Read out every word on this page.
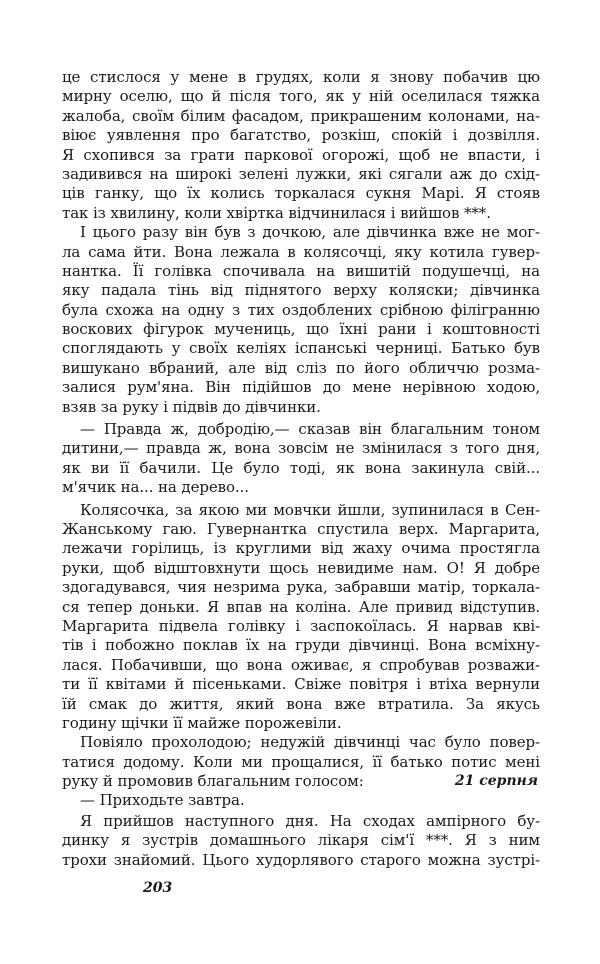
це стислося у мене в грудях, коли я знову побачив цю
мирну оселю, що й після того, як у ній оселилася тяжка
жалоба, своїм білим фасадом, прикрашеним колонами, на-
віює уявлення про багатство, розкіш, спокій і дозвілля.
Я схопився за грати паркової огорожі, щоб не впасти, і
задивився на широкі зелені лужки, які сягали аж до схід-
ців ганку, що їх колись торкалася сукня Марі. Я стояв
так із хвилину, коли хвіртка відчинилася і вийшов ***.
І цього разу він був з дочкою, але дівчинка вже не мог-
ла сама йти. Вона лежала в колясочці, яку котила гувер-
нантка. Її голівка спочивала на вишитій подушечці, на
яку падала тінь від піднятого верху коляски; дівчинка
була схожа на одну з тих оздоблених срібною філігранню
воскових фігурок мучениць, що їхні рани і коштовності
споглядають у своїх келіях іспанські черниці. Батько був
вишукано вбраний, але від сліз по його обличчю розма-
залися рум'яна. Він підійшов до мене нерівною ходою,
взяв за руку і підвів до дівчинки.
— Правда ж, добродію,— сказав він благальним тоном
дитини,— правда ж, вона зовсім не змінилася з того дня,
як ви її бачили. Це було тоді, як вона закинула свій...
м'ячик на... на дерево...
Колясочка, за якою ми мовчки йшли, зупинилася в Сен-
Жанському гаю. Гувернантка спустила верх. Маргарита,
лежачи горілиць, із круглими від жаху очима простягла
руки, щоб відштовхнути щось невидиме нам. О! Я добре
здогадувався, чия незрима рука, забравши матір, торкала-
ся тепер доньки. Я впав на коліна. Але привид відступив.
Маргарита підвела голівку і заспокоїлась. Я нарвав кві-
тів і побожно поклав їх на груди дівчинці. Вона всміхну-
лася. Побачивши, що вона оживає, я спробував розважи-
ти її квітами й пісеньками. Свіже повітря і втіха вернули
їй смак до життя, який вона вже втратила. За якусь
годину щічки її майже порожевіли.
Повіяло прохолодою; недужій дівчинці час було повер-
татися додому. Коли ми прощалися, її батько потис мені
руку й промовив благальним голосом:
— Приходьте завтра.
21 серпня
Я прийшов наступного дня. На сходах ампірного бу-
динку я зустрів домашнього лікаря сім'ї ***. Я з ним
трохи знайомий. Цього худорлявого старого можна зустрі-
203
